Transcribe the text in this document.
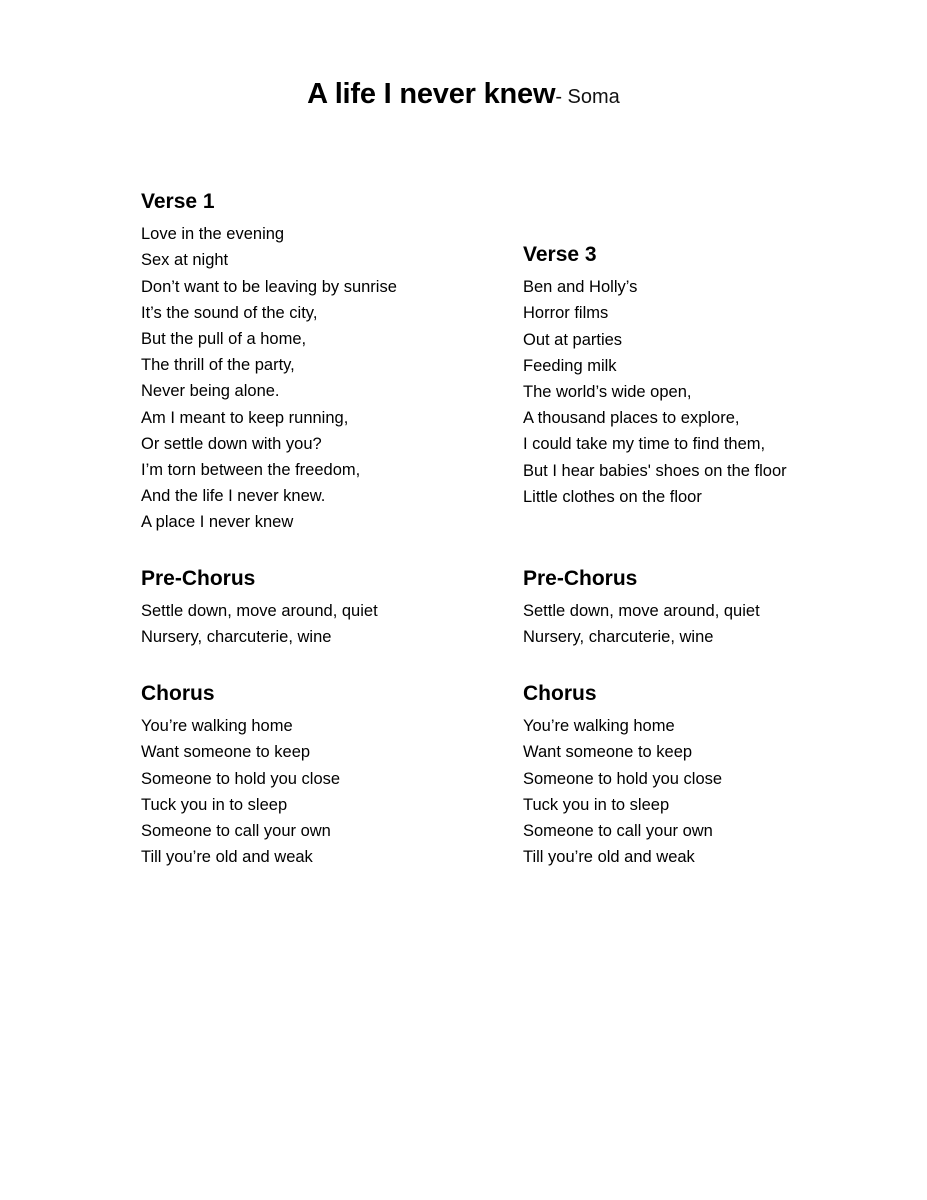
A life I never knew- Soma
Verse 1

Love in the evening

Sex at night

Don’t want to be leaving by sunrise

It’s the sound of the city,

But the pull of a home,

The thrill of the party,

Never being alone.

Am I meant to keep running,

Or settle down with you?

I’m torn between the freedom,

And the life I never knew.

A place I never knew

Pre-Chorus

Settle down, move around, quiet

Nursery, charcuterie, wine

Chorus

You’re walking home

Want someone to keep

Someone to hold you close

Tuck you in to sleep

Someone to call your own

Till you’re old and weak

Verse 3

Ben and Holly’s

Horror films

Out at parties

Feeding milk

The world’s wide open,

A thousand places to explore,

I could take my time to find them,

But I hear babies' shoes on the floor

Little clothes on the floor

Pre-Chorus

Settle down, move around, quiet

Nursery, charcuterie, wine

Chorus

You’re walking home

Want someone to keep

Someone to hold you close

Tuck you in to sleep

Someone to call your own

Till you’re old and weak
